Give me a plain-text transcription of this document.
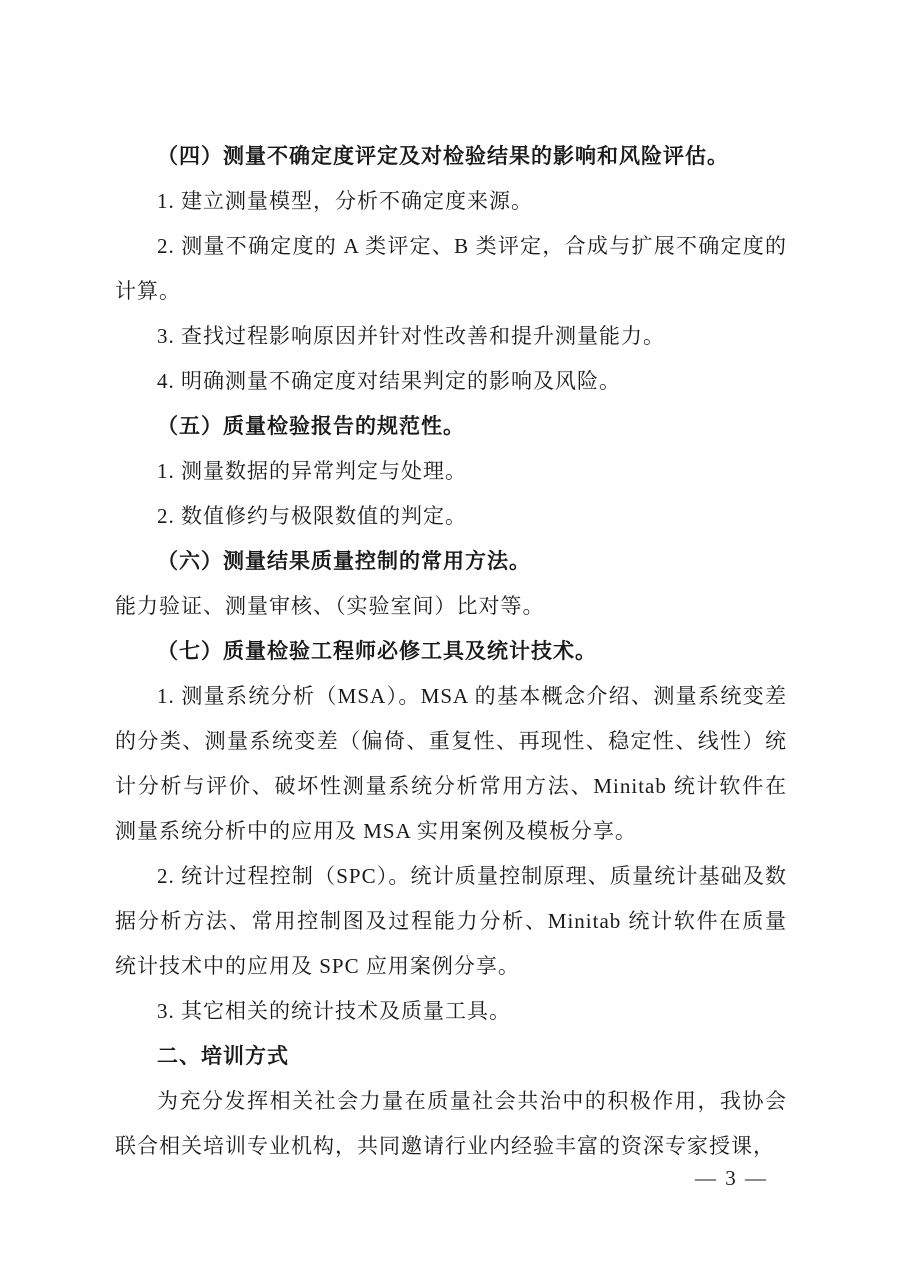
（四）测量不确定度评定及对检验结果的影响和风险评估。

1. 建立测量模型，分析不确定度来源。

2. 测量不确定度的 A 类评定、B 类评定，合成与扩展不确定度的计算。

3. 查找过程影响原因并针对性改善和提升测量能力。

4. 明确测量不确定度对结果判定的影响及风险。

（五）质量检验报告的规范性。

1. 测量数据的异常判定与处理。

2. 数值修约与极限数值的判定。

（六）测量结果质量控制的常用方法。

能力验证、测量审核、（实验室间）比对等。

（七）质量检验工程师必修工具及统计技术。

1. 测量系统分析（MSA）。MSA 的基本概念介绍、测量系统变差的分类、测量系统变差（偏倚、重复性、再现性、稳定性、线性）统计分析与评价、破坏性测量系统分析常用方法、Minitab 统计软件在测量系统分析中的应用及 MSA 实用案例及模板分享。

2. 统计过程控制（SPC）。统计质量控制原理、质量统计基础及数据分析方法、常用控制图及过程能力分析、Minitab 统计软件在质量统计技术中的应用及 SPC 应用案例分享。

3. 其它相关的统计技术及质量工具。

二、培训方式

为充分发挥相关社会力量在质量社会共治中的积极作用，我协会联合相关培训专业机构，共同邀请行业内经验丰富的资深专家授课，

— 3 —
